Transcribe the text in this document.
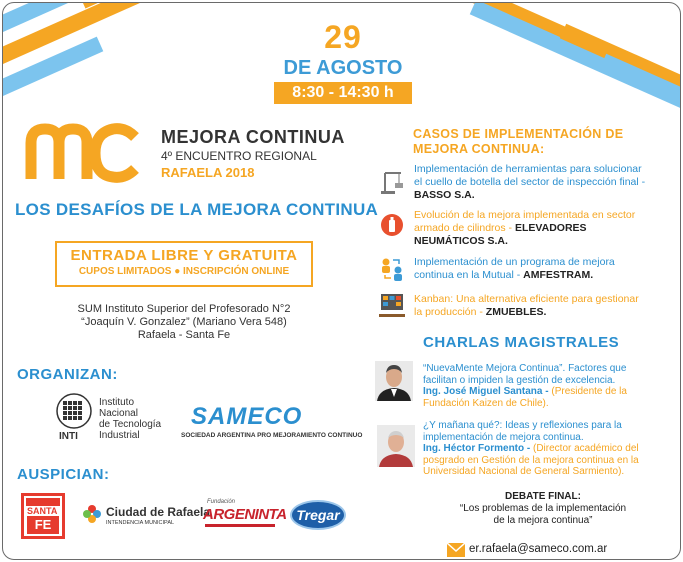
29
DE AGOSTO
8:30 - 14:30 h
MEJORA CONTINUA
4º ENCUENTRO REGIONAL
RAFAELA 2018
LOS DESAFÍOS DE LA MEJORA CONTINUA
ENTRADA LIBRE Y GRATUITA
CUPOS LIMITADOS ● INSCRIPCIÓN ONLINE
SUM Instituto Superior del Profesorado N°2
“Joaquín V. Gonzalez” (Mariano Vera 548)
Rafaela - Santa Fe
ORGANIZAN:
Instituto
Nacional
de Tecnología
Industrial
INTI
SAMECO
SOCIEDAD ARGENTINA PRO MEJORAMIENTO CONTINUO
AUSPICIAN:
SANTA
FE
Ciudad de Rafaela
INTENDENCIA MUNICIPAL
Fundación
ARGENINTA Tregar
CASOS DE IMPLEMENTACIÓN DE
MEJORA CONTINUA:
Implementación de herramientas para solucionar
el cuello de botella del sector de inspección final -
BASSO S.A.
Evolución de la mejora implementada en sector
armado de cilindros - ELEVADORES
NEUMÁTICOS S.A.
Implementación de un programa de mejora
continua en la Mutual - AMFESTRAM.
Kanban: Una alternativa eficiente para gestionar
la producción - ZMUEBLES.
CHARLAS MAGISTRALES
“NuevaMente Mejora Continua”. Factores que
facilitan o impiden la gestión de excelencia.
Ing. José Miguel Santana - (Presidente de la
Fundación Kaizen de Chile).
¿Y mañana qué?: Ideas y reflexiones para la
implementación de mejora continua.
Ing. Héctor Formento - (Director académico del
posgrado en Gestión de la mejora continua en la
Universidad Nacional de General Sarmiento).
DEBATE FINAL:
“Los problemas de la implementación
de la mejora continua”
er.rafaela@sameco.com.ar
